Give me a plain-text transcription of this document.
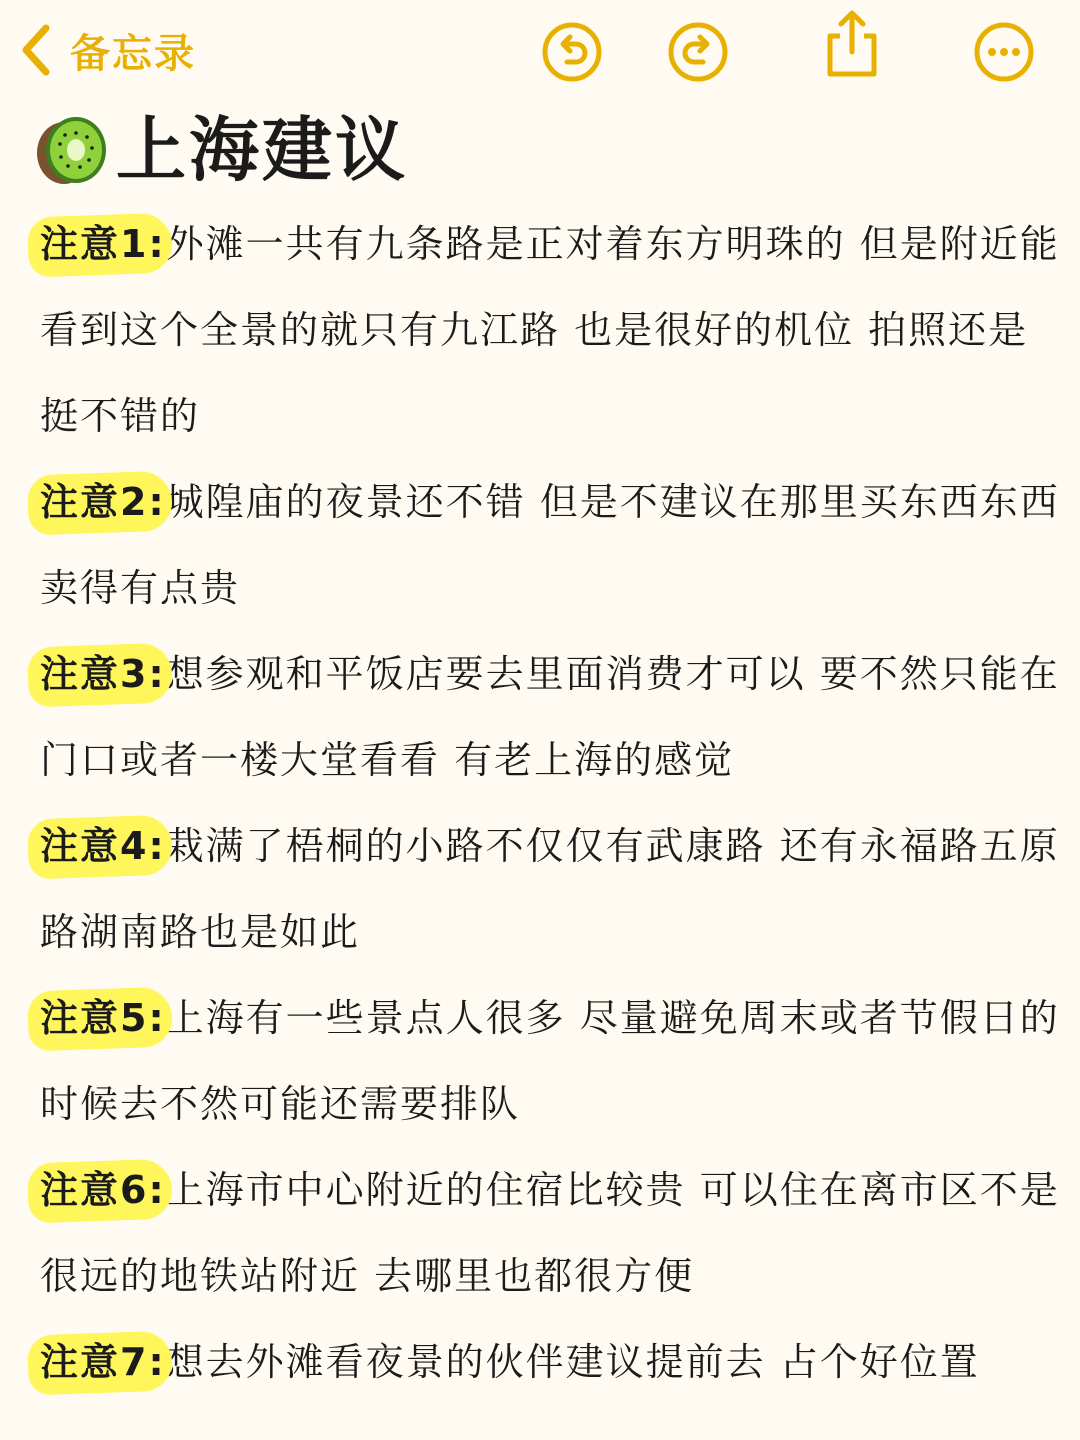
备忘录
上海建议

注意1:外滩一共有九条路是正对着东方明珠的 但是附近能看到这个全景的就只有九江路 也是很好的机位 拍照还是挺不错的

注意2:城隍庙的夜景还不错 但是不建议在那里买东西东西卖得有点贵

注意3:想参观和平饭店要去里面消费才可以 要不然只能在门口或者一楼大堂看看 有老上海的感觉

注意4:栽满了梧桐的小路不仅仅有武康路 还有永福路五原路湖南路也是如此

注意5:上海有一些景点人很多 尽量避免周末或者节假日的时候去不然可能还需要排队

注意6:上海市中心附近的住宿比较贵 可以住在离市区不是很远的地铁站附近 去哪里也都很方便

注意7:想去外滩看夜景的伙伴建议提前去 占个好位置
